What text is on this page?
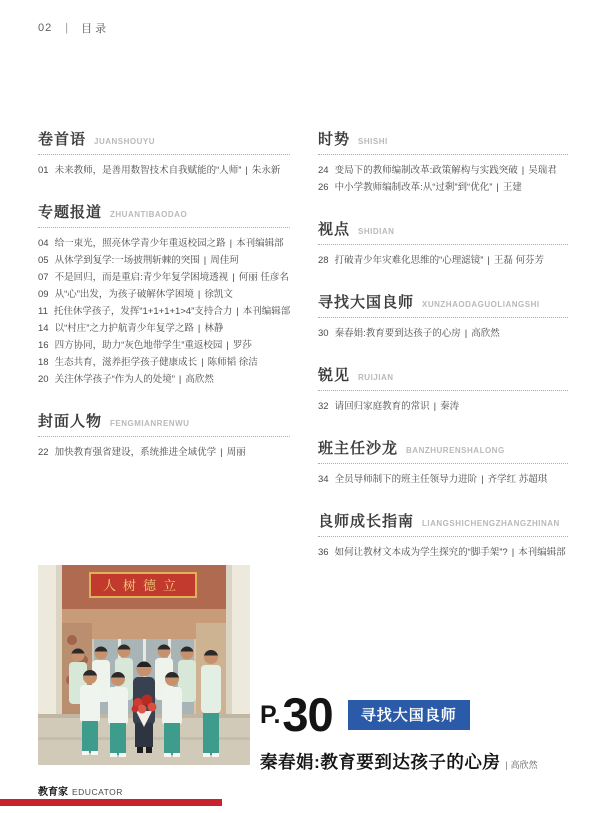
02 | 目录
卷首语 JUANSHOUYU
01 未来教师，是善用数智技术自我赋能的“人师” | 朱永新
专题报道 ZHUANTIBAODAO
04 给一束光，照亮休学青少年重返校园之路 | 本刊编辑部
05 从休学到复学:一场披荆斩棘的突围 | 周佳珂
07 不是回归，而是重启:青少年复学困境透视 | 何丽 任彦名
09 从“心”出发，为孩子破解休学困境 | 徐凯文
11 托住休学孩子，发挥“1+1+1+1>4”支持合力 | 本刊编辑部
14 以“村庄”之力护航青少年复学之路 | 林静
16 四方协同，助力“灰色地带学生”重返校园 | 罗莎
18 生态共育，滋养拒学孩子健康成长 | 陈师韬 徐洁
20 关注休学孩子“作为人的处境” | 高欣然
封面人物 FENGMIANRENWU
22 加快教育强省建设，系统推进全域优学 | 周丽
时势 SHISHI
24 变局下的教师编制改革:政策解构与实践突破 | 吴瑞君
26 中小学教师编制改革:从“过剩”到“优化” | 王建
视点 SHIDIAN
28 打破青少年灾难化思维的“心理滤镜” | 王磊 何芬芳
寻找大国良师 XUNZHAODAGUOLIANGSHI
30 秦春娟:教育要到达孩子的心房 | 高欣然
锐见 RUIJIAN
32 请回归家庭教育的常识 | 秦涛
班主任沙龙 BANZHURENSHALONG
34 全员导师制下的班主任领导力进阶 | 齐学红 苏超琪
良师成长指南 LIANGSHICHENGZHANGZHINAN
36 如何让教材文本成为学生探究的“脚手架”? | 本刊编辑部
人树德立
P. 30	寻找大国良师
秦春娟:教育要到达孩子的心房 | 高欣然
教育家 EDUCATOR
